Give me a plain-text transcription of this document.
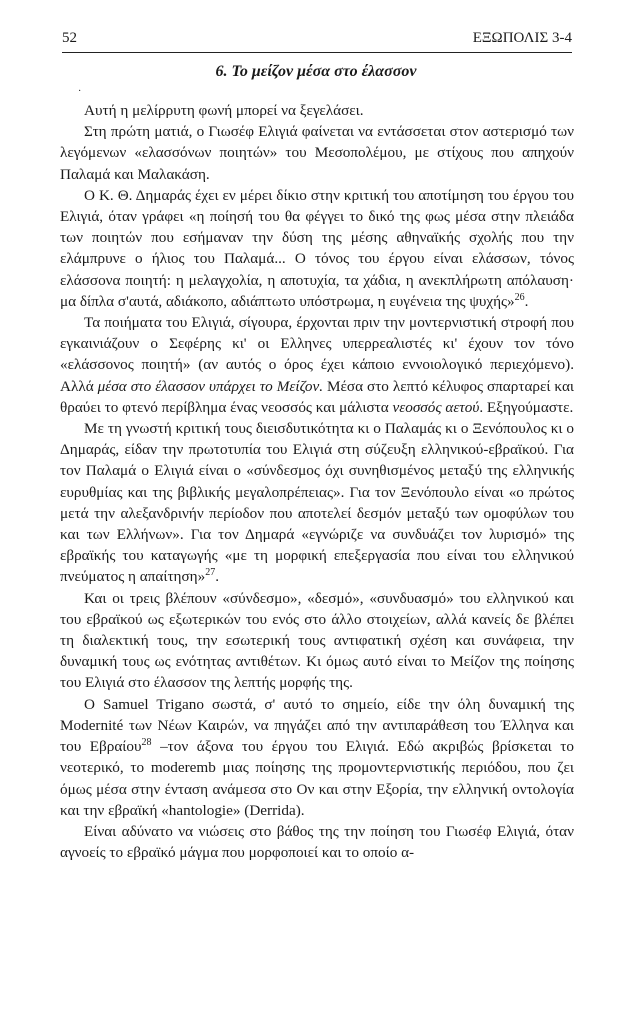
52	ΕΞΩΠΟΛΙΣ 3-4
6. Το μείζον μέσα στο έλασσον
·

Αυτή η μελίρρυτη φωνή μπορεί να ξεγελάσει.

Στη πρώτη ματιά, ο Γιωσέφ Ελιγιά φαίνεται να εντάσσεται στον αστερισμό των λεγόμενων «ελασσόνων ποιητών» του Μεσοπολέμου, με στίχους που απηχούν Παλαμά και Μαλακάση.

Ο Κ. Θ. Δημαράς έχει εν μέρει δίκιο στην κριτική του αποτίμηση του έργου του Ελιγιά, όταν γράφει «η ποίησή του θα φέγγει το δικό της φως μέσα στην πλειάδα των ποιητών που εσήμαναν την δύση της μέσης αθηναϊκής σχολής που την ελάμπρυνε ο ήλιος του Παλαμά... Ο τόνος του έργου είναι ελάσσων, τόνος ελάσσονα ποιητή: η μελαγχολία, η αποτυχία, τα χάδια, η ανεκπλήρωτη απόλαυση· μα δίπλα σ'αυτά, αδιάκοπο, αδιάπτωτο υπόστρωμα, η ευγένεια της ψυχής»$^{26}$.

Τα ποιήματα του Ελιγιά, σίγουρα, έρχονται πριν την μοντερνιστική στροφή που εγκαινιάζουν ο Σεφέρης κι' οι Ελληνες υπερρεαλιστές κι' έχουν τον τόνο «ελάσσονος ποιητή» (αν αυτός ο όρος έχει κάποιο εννοιολογικό περιεχόμενο). Αλλά μέσα στο έλασσον υπάρχει το Μείζον. Μέσα στο λεπτό κέλυφος σπαρταρεί και θραύει το φτενό περίβλημα ένας νεοσσός και μάλιστα νεοσσός αετού. Εξηγούμαστε.

Με τη γνωστή κριτική τους διεισδυτικότητα κι ο Παλαμάς κι ο Ξενόπουλος κι ο Δημαράς, είδαν την πρωτοτυπία του Ελιγιά στη σύζευξη ελληνικού-εβραϊκού. Για τον Παλαμά ο Ελιγιά είναι ο «σύνδεσμος όχι συνηθισμένος μεταξύ της ελληνικής ευρυθμίας και της βιβλικής μεγαλοπρέπειας». Για τον Ξενόπουλο είναι «ο πρώτος μετά την αλεξανδρινήν περίοδον που αποτελεί δεσμόν μεταξύ των ομοφύλων του και των Ελλήνων». Για τον Δημαρά «εγνώριζε να συνδυάζει τον λυρισμό» της εβραϊκής του καταγωγής «με τη μορφική επεξεργασία που είναι του ελληνικού πνεύματος η απαίτηση»$^{27}$.

Και οι τρεις βλέπουν «σύνδεσμο», «δεσμό», «συνδυασμό» του ελληνικού και του εβραϊκού ως εξωτερικών του ενός στο άλλο στοιχείων, αλλά κανείς δε βλέπει τη διαλεκτική τους, την εσωτερική τους αντιφατική σχέση και συνάφεια, την δυναμική τους ως ενότητας αντιθέτων. Κι όμως αυτό είναι το Μείζον της ποίησης του Ελιγιά στο έλασσον της λεπτής μορφής της.

Ο Samuel Trigano σωστά, σ' αυτό το σημείο, είδε την όλη δυναμική της Modernité των Νέων Καιρών, να πηγάζει από την αντιπαράθεση του Έλληνα και του Εβραίου$^{28}$ –τον άξονα του έργου του Ελιγιά. Εδώ ακριβώς βρίσκεται το νεοτερικό, το moderemb μιας ποίησης της προμοντερνιστικής περιόδου, που ζει όμως μέσα στην ένταση ανάμεσα στο Ον και στην Εξορία, την ελληνική οντολογία και την εβραϊκή «hantologie» (Derrida).

Είναι αδύνατο να νιώσεις στο βάθος της την ποίηση του Γιωσέφ Ελιγιά, όταν αγνοείς το εβραϊκό μάγμα που μορφοποιεί και το οποίο α-
